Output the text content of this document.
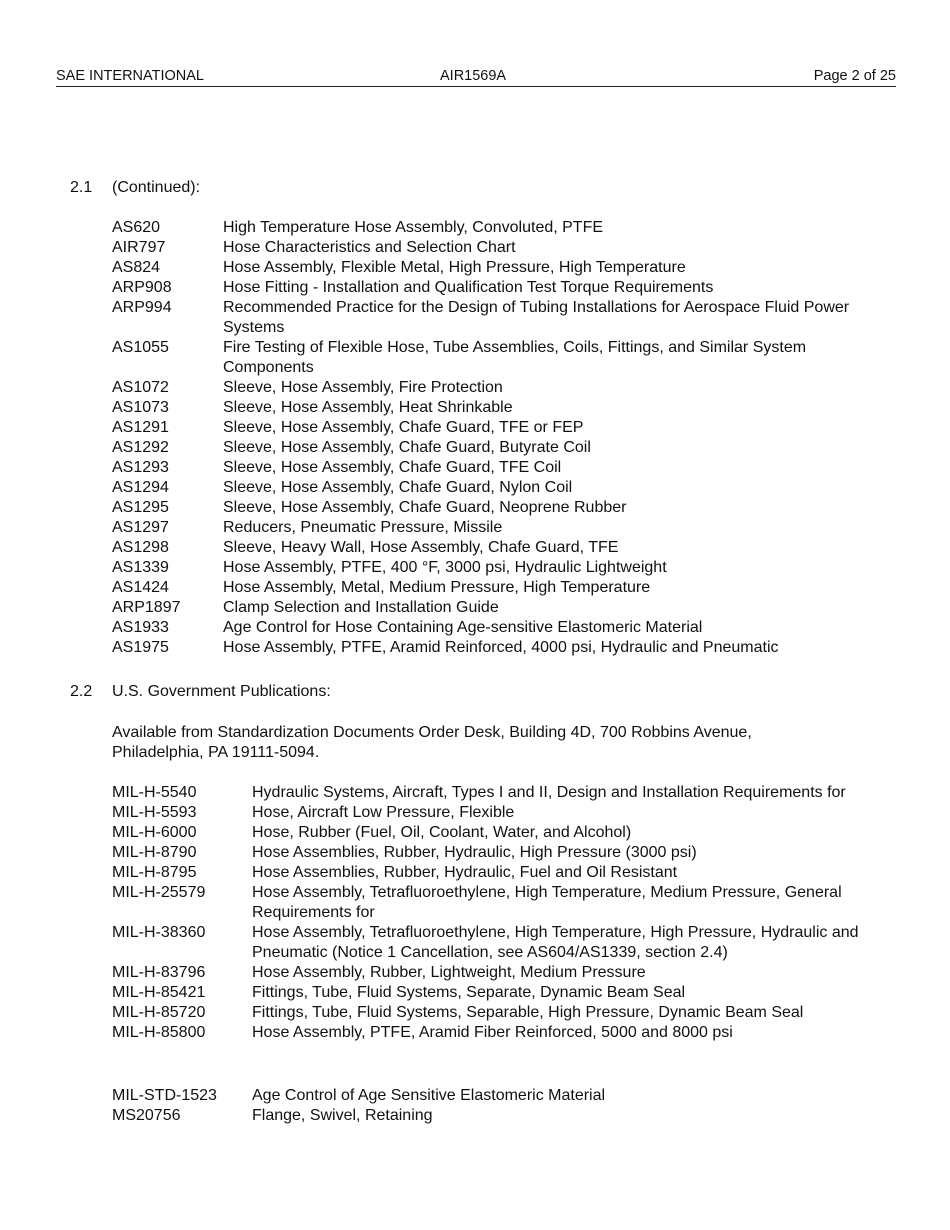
SAE INTERNATIONAL	AIR1569A	Page 2 of 25
2.1 (Continued):
AS620	High Temperature Hose Assembly, Convoluted, PTFE
AIR797	Hose Characteristics and Selection Chart
AS824	Hose Assembly, Flexible Metal, High Pressure, High Temperature
ARP908	Hose Fitting - Installation and Qualification Test Torque Requirements
ARP994	Recommended Practice for the Design of Tubing Installations for Aerospace Fluid Power Systems
AS1055	Fire Testing of Flexible Hose, Tube Assemblies, Coils, Fittings, and Similar System Components
AS1072	Sleeve, Hose Assembly, Fire Protection
AS1073	Sleeve, Hose Assembly, Heat Shrinkable
AS1291	Sleeve, Hose Assembly, Chafe Guard, TFE or FEP
AS1292	Sleeve, Hose Assembly, Chafe Guard, Butyrate Coil
AS1293	Sleeve, Hose Assembly, Chafe Guard, TFE Coil
AS1294	Sleeve, Hose Assembly, Chafe Guard, Nylon Coil
AS1295	Sleeve, Hose Assembly, Chafe Guard, Neoprene Rubber
AS1297	Reducers, Pneumatic Pressure, Missile
AS1298	Sleeve, Heavy Wall, Hose Assembly, Chafe Guard, TFE
AS1339	Hose Assembly, PTFE, 400 °F, 3000 psi, Hydraulic Lightweight
AS1424	Hose Assembly, Metal, Medium Pressure, High Temperature
ARP1897	Clamp Selection and Installation Guide
AS1933	Age Control for Hose Containing Age-sensitive Elastomeric Material
AS1975	Hose Assembly, PTFE, Aramid Reinforced, 4000 psi, Hydraulic and Pneumatic
2.2 U.S. Government Publications:
Available from Standardization Documents Order Desk, Building 4D, 700 Robbins Avenue, Philadelphia, PA 19111-5094.
MIL-H-5540	Hydraulic Systems, Aircraft, Types I and II, Design and Installation Requirements for
MIL-H-5593	Hose, Aircraft Low Pressure, Flexible
MIL-H-6000	Hose, Rubber (Fuel, Oil, Coolant, Water, and Alcohol)
MIL-H-8790	Hose Assemblies, Rubber, Hydraulic, High Pressure (3000 psi)
MIL-H-8795	Hose Assemblies, Rubber, Hydraulic, Fuel and Oil Resistant
MIL-H-25579	Hose Assembly, Tetrafluoroethylene, High Temperature, Medium Pressure, General Requirements for
MIL-H-38360	Hose Assembly, Tetrafluoroethylene, High Temperature, High Pressure, Hydraulic and Pneumatic (Notice 1 Cancellation, see AS604/AS1339, section 2.4)
MIL-H-83796	Hose Assembly, Rubber, Lightweight, Medium Pressure
MIL-H-85421	Fittings, Tube, Fluid Systems, Separate, Dynamic Beam Seal
MIL-H-85720	Fittings, Tube, Fluid Systems, Separable, High Pressure, Dynamic Beam Seal
MIL-H-85800	Hose Assembly, PTFE, Aramid Fiber Reinforced, 5000 and 8000 psi
MIL-STD-1523	Age Control of Age Sensitive Elastomeric Material
MS20756	Flange, Swivel, Retaining
